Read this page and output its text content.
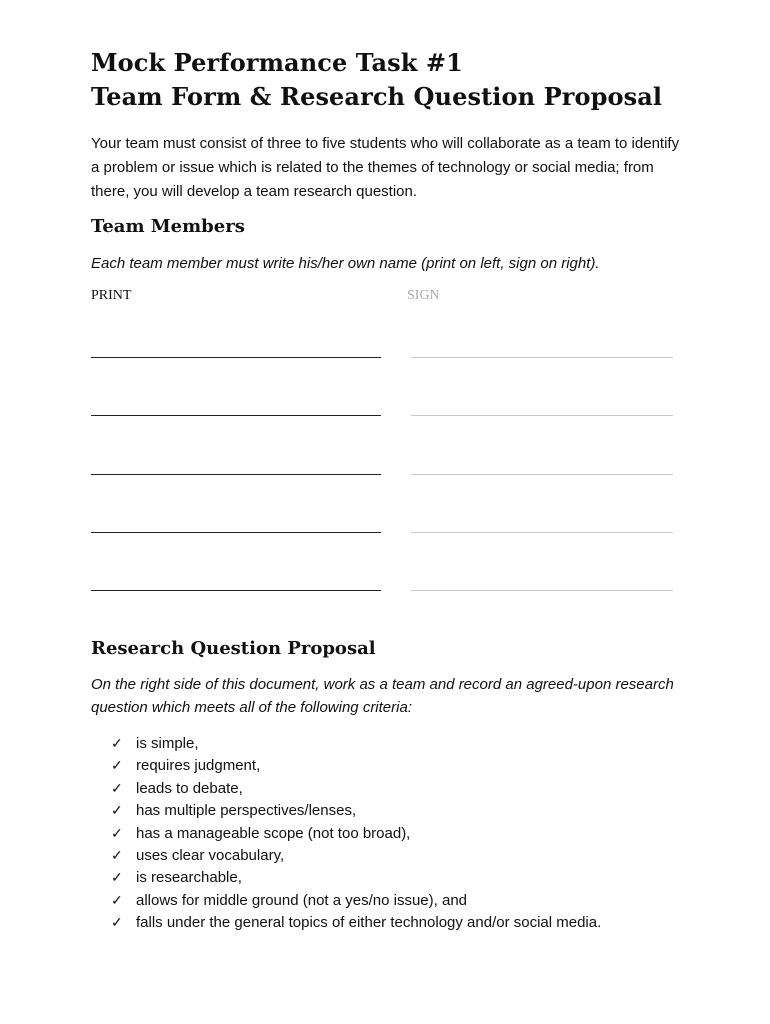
Mock Performance Task #1
Team Form & Research Question Proposal

Your team must consist of three to five students who will collaborate as a team to identify a problem or issue which is related to the themes of technology or social media; from there, you will develop a team research question.

Team Members

Each team member must write his/her own name (print on left, sign on right).

PRINT	SIGN
Research Question Proposal

On the right side of this document, work as a team and record an agreed-upon research question which meets all of the following criteria:

✓ is simple,
✓ requires judgment,
✓ leads to debate,
✓ has multiple perspectives/lenses,
✓ has a manageable scope (not too broad),
✓ uses clear vocabulary,
✓ is researchable,
✓ allows for middle ground (not a yes/no issue), and
✓ falls under the general topics of either technology and/or social media.
